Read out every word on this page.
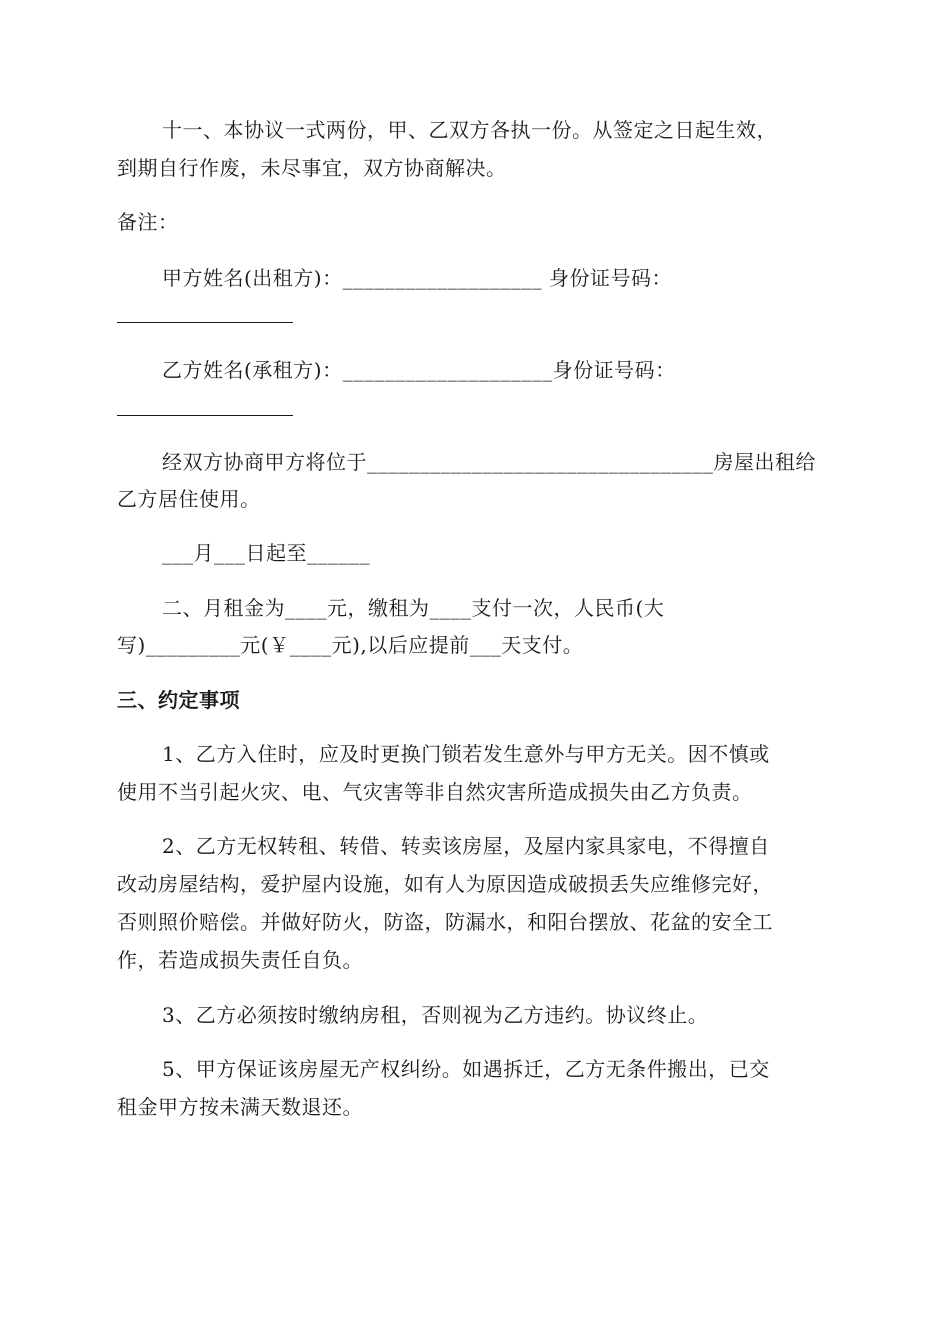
十一、本协议一式两份，甲、乙双方各执一份。从签定之日起生效，
到期自行作废，未尽事宜，双方协商解决。
备注：
甲方姓名(出租方)：___________________ 身份证号码：
乙方姓名(承租方)：____________________身份证号码：
经双方协商甲方将位于_________________________________房屋出租给
乙方居住使用。
___月___日起至______
二、月租金为____元，缴租为____支付一次，人民币(大
写)_________元(￥____元),以后应提前___天支付。
三、约定事项
1、乙方入住时，应及时更换门锁若发生意外与甲方无关。因不慎或
使用不当引起火灾、电、气灾害等非自然灾害所造成损失由乙方负责。
2、乙方无权转租、转借、转卖该房屋，及屋内家具家电，不得擅自
改动房屋结构，爱护屋内设施，如有人为原因造成破损丢失应维修完好，
否则照价赔偿。并做好防火，防盗，防漏水，和阳台摆放、花盆的安全工
作，若造成损失责任自负。
3、乙方必须按时缴纳房租，否则视为乙方违约。协议终止。
5、甲方保证该房屋无产权纠纷。如遇拆迁，乙方无条件搬出，已交
租金甲方按未满天数退还。
